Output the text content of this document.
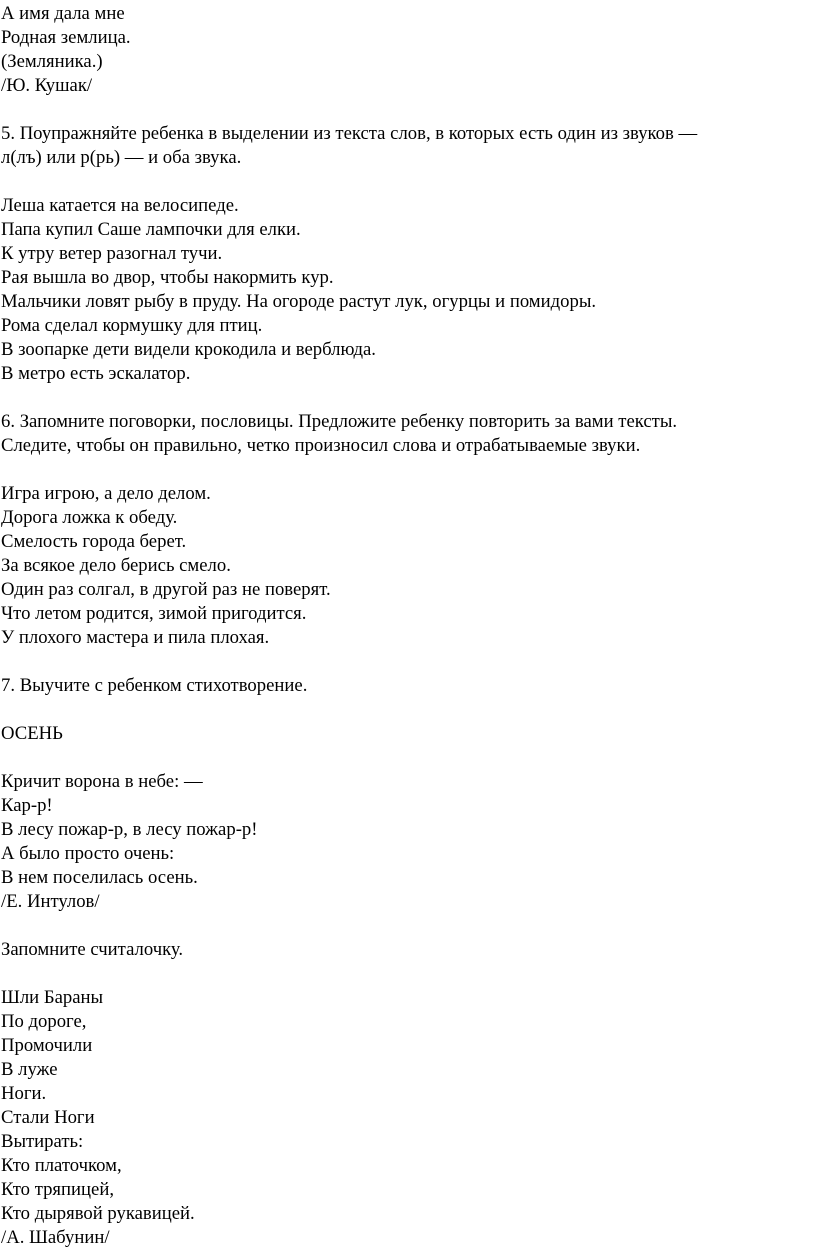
А имя дала мне
Родная землица.
(Земляника.)
/Ю. Кушак/
5. Поупражняйте ребенка в выделении из текста слов, в которых есть один из звуков —
л(лъ) или р(рь) — и оба звука.
Леша катается на велосипеде.
Папа купил Саше лампочки для елки.
К утру ветер разогнал тучи.
Рая вышла во двор, чтобы накормить кур.
Мальчики ловят рыбу в пруду. На огороде растут лук, огурцы и помидоры.
Рома сделал кормушку для птиц.
В зоопарке дети видели крокодила и верблюда.
В метро есть эскалатор.
6. Запомните поговорки, пословицы. Предложите ребенку повторить за вами тексты.
Следите, чтобы он правильно, четко произносил слова и отрабатываемые звуки.
Игра игрою, а дело делом.
Дорога ложка к обеду.
Смелость города берет.
За всякое дело берись смело.
Один раз солгал, в другой раз не поверят.
Что летом родится, зимой пригодится.
У плохого мастера и пила плохая.
7. Выучите с ребенком стихотворение.
ОСЕНЬ
Кричит ворона в небе: —
Кар-р!
В лесу пожар-р, в лесу пожар-р!
А было просто очень:
В нем поселилась осень.
/Е. Интулов/
Запомните считалочку.
Шли Бараны
По дороге,
Промочили
В луже
Ноги.
Стали Ноги
Вытирать:
Кто платочком,
Кто тряпицей,
Кто дырявой рукавицей.
/А. Шабунин/
